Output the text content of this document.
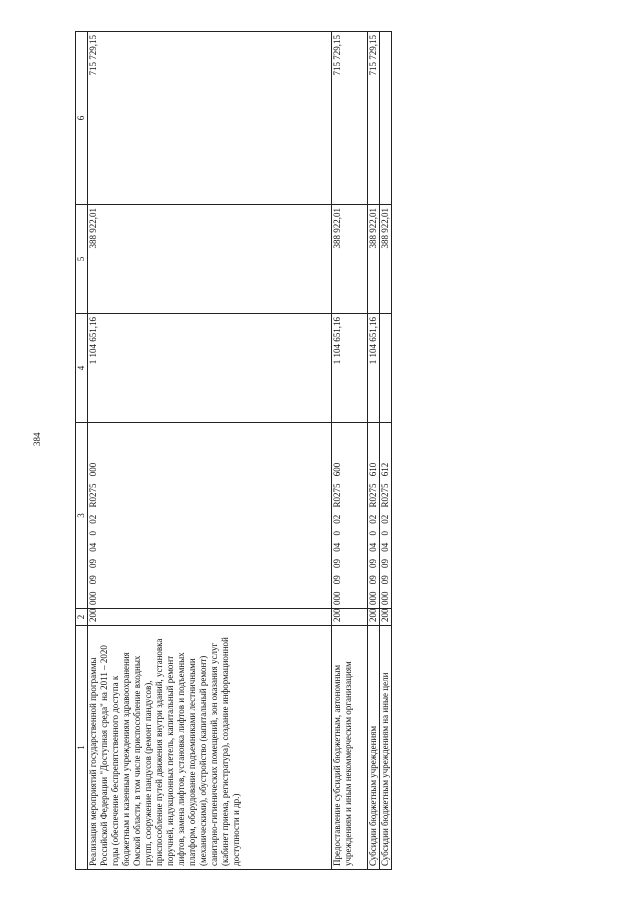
384
1	2	3	4	5	6
Реализация мероприятий государственной программы Российской Федерации "Доступная среда" на 2011 – 2020 годы (обеспечение беспрепятственного доступа к бюджетным и казенным учреждениям здравоохранения Омской области, в том числе приспособление входных групп, сооружение пандусов (ремонт пандусов), приспособление путей движения внутри зданий, установка поручней, индукционных петель, капитальный ремонт лифтов, замена лифтов, установка лифтов и подъемных платформ, оборудование подъемниками лестничными (механическими), обустройство (капитальный ремонт) санитарно-гигиенических помещений, зон оказания услуг (кабинет приема, регистратура), создание информационной доступности и др.)	200	000 09 09 04 0 02 R0275 000	1 104 651,16	388 922,01	715 729,15
Предоставление субсидий бюджетным, автономным учреждениям и иным некоммерческим организациям	200	000 09 09 04 0 02 R0275 600	1 104 651,16	388 922,01	715 729,15
Субсидии бюджетным учреждениям	200	000 09 09 04 0 02 R0275 610	1 104 651,16	388 922,01	715 729,15
Субсидии бюджетным учреждениям на иные цели	200	000 09 09 04 0 02 R0275 612		388 922,01	
